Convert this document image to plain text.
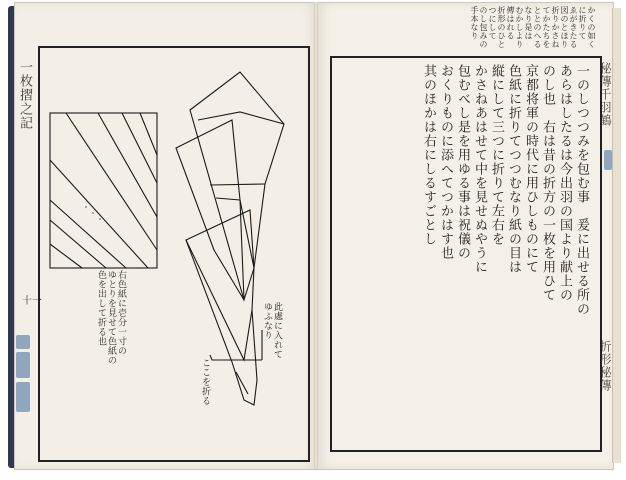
一枚摺之記
十一
秘傳千羽鶴
折形秘傳
右色紙に壱分一寸の
ゆとりを見せて色紙の
色を出して折る也	此處に入れて
ゆふなり
ここを折る
かくの如くに折りて
ゑがきたる図のとほり
折りかさねてかたちを
ととのへるなり是は
むかしより傳はれる
折形のひとつにして
のし包みの手本なり
一のしつつみを包む事　爰に出せる所の
あらはしたるは今出羽の国より献上の
のし也　右は昔の折方の一枚を用ひて
京都将軍の時代に用ひしものにて
色紙に折りてつつむなり紙の目は
縦にして三つに折りて左右を
かさねあはせて中を見せぬやうに
包むべし是を用ゆる事は祝儀の
おくりものに添へてつかはす也
其のほかは右にしるすごとし
